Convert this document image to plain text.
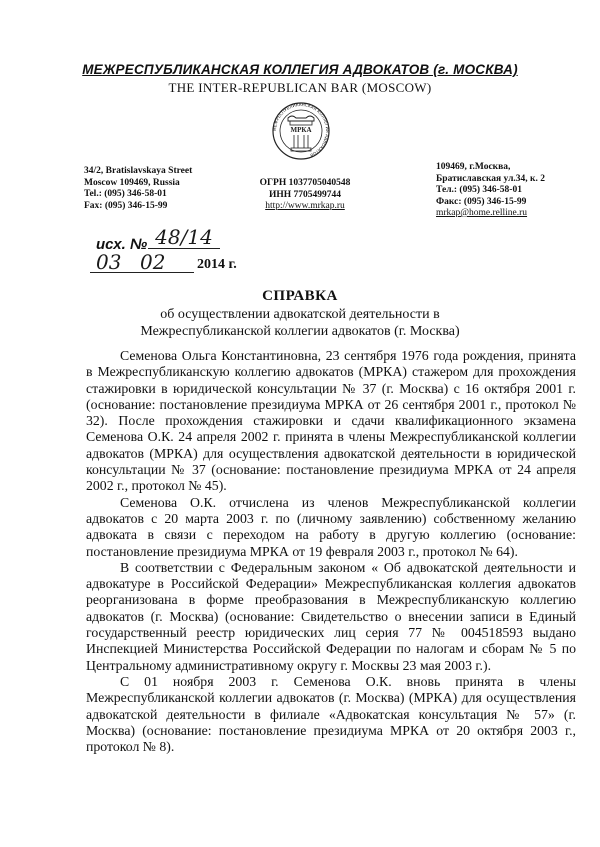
МЕЖРЕСПУБЛИКАНСКАЯ КОЛЛЕГИЯ АДВОКАТОВ (г. МОСКВА)
THE INTER-REPUBLICAN BAR (MOSCOW)
МЕЖРЕСПУБЛИКАНСКАЯ КОЛЛЕГИЯ АДВОКАТОВ
МРКА
34/2, Bratislavskaya Street
Moscow 109469, Russia
Tel.: (095) 346-58-01
Fax: (095) 346-15-99
ОГРН 1037705040548
ИНН 7705499744
http://www.mrkap.ru
109469, г.Москва,
Братиславская ул.34, к. 2
Тел.: (095) 346-58-01
Факс: (095) 346-15-99
mrkap@home.relline.ru
исх. № 48/14
03 02 2014 г.
СПРАВКА
об осуществлении адвокатской деятельности в
Межреспубликанской коллегии адвокатов (г. Москва)

Семенова Ольга Константиновна, 23 сентября 1976 года рождения, принята в Межреспубликанскую коллегию адвокатов (МРКА) стажером для прохождения стажировки в юридической консультации № 37 (г. Москва) с 16 октября 2001 г. (основание: постановление президиума МРКА от 26 сентября 2001 г., протокол № 32). После прохождения стажировки и сдачи квалификационного экзамена Семенова О.К. 24 апреля 2002 г. принята в члены Межреспубликанской коллегии адвокатов (МРКА) для осуществления адвокатской деятельности в юридической консультации № 37 (основание: постановление президиума МРКА от 24 апреля 2002 г., протокол № 45).

Семенова О.К. отчислена из членов Межреспубликанской коллегии адвокатов с 20 марта 2003 г. по (личному заявлению) собственному желанию адвоката в связи с переходом на работу в другую коллегию (основание: постановление президиума МРКА от 19 февраля 2003 г., протокол № 64).

В соответствии с Федеральным законом « Об адвокатской деятельности и адвокатуре в Российской Федерации» Межреспубликанская коллегия адвокатов реорганизована в форме преобразования в Межреспубликанскую коллегию адвокатов (г. Москва) (основание: Свидетельство о внесении записи в Единый государственный реестр юридических лиц серия 77 № 004518593 выдано Инспекцией Министерства Российской Федерации по налогам и сборам № 5 по Центральному административному округу г. Москвы 23 мая 2003 г.).

С 01 ноября 2003 г. Семенова О.К. вновь принята в члены Межреспубликанской коллегии адвокатов (г. Москва) (МРКА) для осуществления адвокатской деятельности в филиале «Адвокатская консультация № 57» (г. Москва) (основание: постановление президиума МРКА от 20 октября 2003 г., протокол № 8).
